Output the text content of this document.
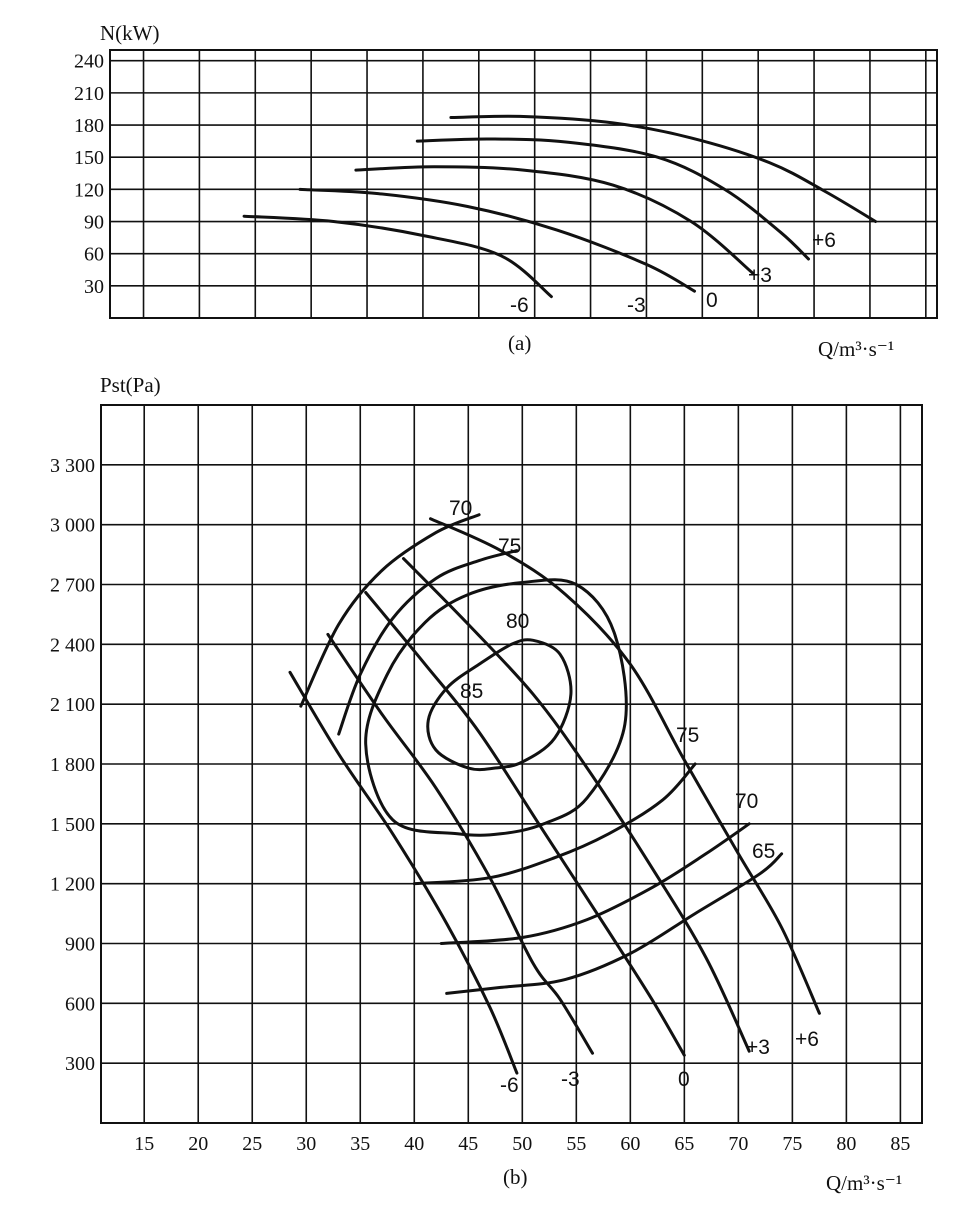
N(kW)
240
210
180
150
120
90
60
30
-6	-3	0
+3
+6
(a)	Q/m³·s⁻¹
Pst(Pa)
3 300
3 000
2 700
2 400
2 100
1 800
1 500
1 200
900
600
300
15 20 25 30 35 40 45 50 55 60 65 70 75 80 85
70
75
80
85
75
70
65
-6 -3	0
+3 +6
(b)	Q/m³·s⁻¹
